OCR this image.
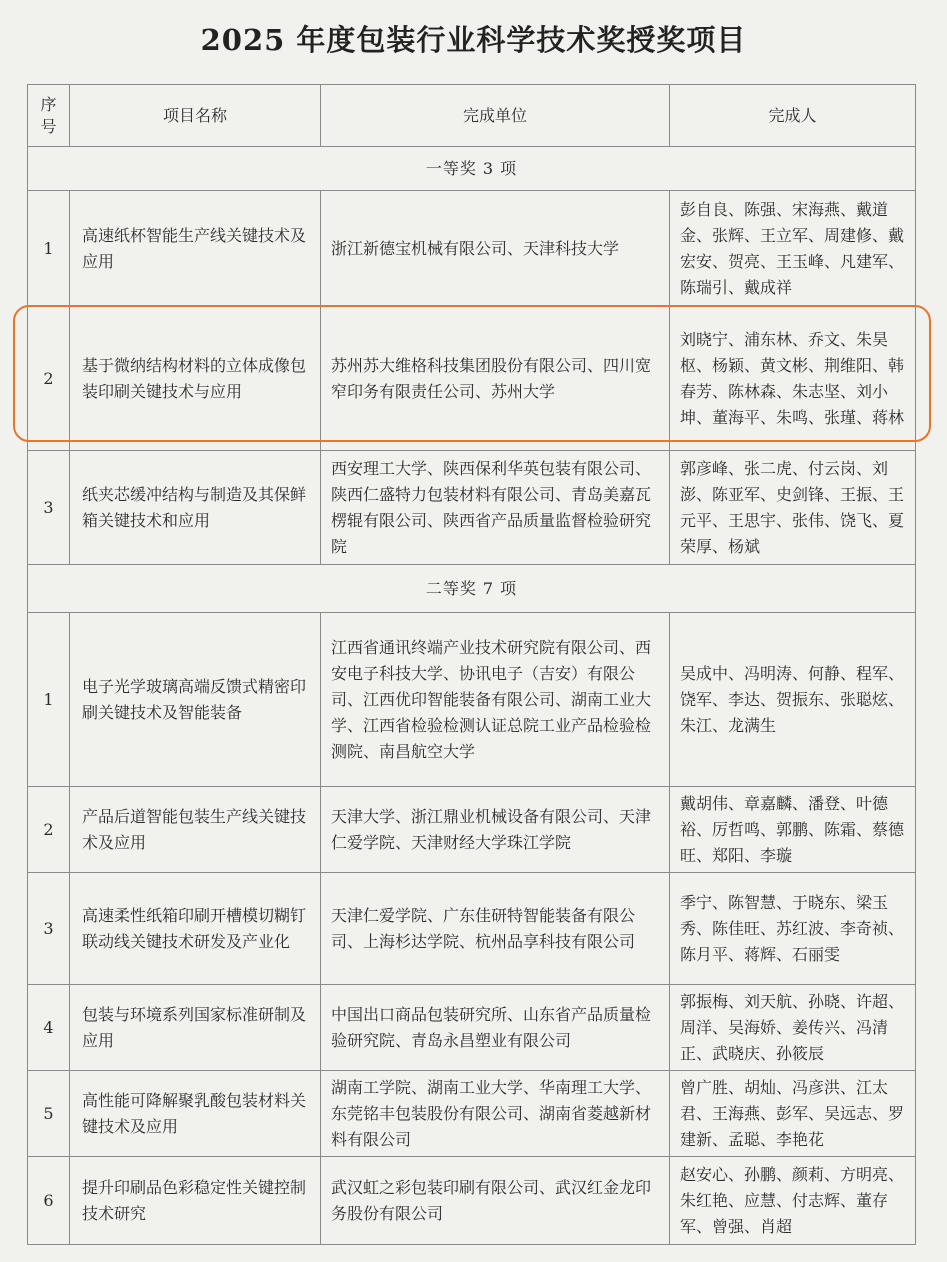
2025 年度包装行业科学技术奖授奖项目
序号	项目名称	完成单位	完成人
一等奖 3 项			
1	高速纸杯智能生产线关键技术及应用	浙江新德宝机械有限公司、天津科技大学	彭自良、陈强、宋海燕、戴道金、张辉、王立军、周建修、戴宏安、贺亮、王玉峰、凡建军、陈瑞引、戴成祥
2	基于微纳结构材料的立体成像包装印刷关键技术与应用	苏州苏大维格科技集团股份有限公司、四川宽窄印务有限责任公司、苏州大学	刘晓宁、浦东林、乔文、朱昊枢、杨颖、黄文彬、荆维阳、韩春芳、陈林森、朱志坚、刘小坤、董海平、朱鸣、张瑾、蒋林
3	纸夹芯缓冲结构与制造及其保鲜箱关键技术和应用	西安理工大学、陕西保利华英包装有限公司、陕西仁盛特力包装材料有限公司、青岛美嘉瓦楞辊有限公司、陕西省产品质量监督检验研究院	郭彦峰、张二虎、付云岗、刘澎、陈亚军、史剑锋、王振、王元平、王思宇、张伟、饶飞、夏荣厚、杨斌
二等奖 7 项			
1	电子光学玻璃高端反馈式精密印刷关键技术及智能装备	江西省通讯终端产业技术研究院有限公司、西安电子科技大学、协讯电子（吉安）有限公司、江西优印智能装备有限公司、湖南工业大学、江西省检验检测认证总院工业产品检验检测院、南昌航空大学	吴成中、冯明涛、何静、程军、饶军、李达、贺振东、张聪炫、朱江、龙满生
2	产品后道智能包装生产线关键技术及应用	天津大学、浙江鼎业机械设备有限公司、天津仁爱学院、天津财经大学珠江学院	戴胡伟、章嘉麟、潘登、叶德裕、厉哲鸣、郭鹏、陈霜、蔡德旺、郑阳、李璇
3	高速柔性纸箱印刷开槽模切糊钉联动线关键技术研发及产业化	天津仁爱学院、广东佳研特智能装备有限公司、上海杉达学院、杭州品享科技有限公司	季宁、陈智慧、于晓东、梁玉秀、陈佳旺、苏红波、李奇祯、陈月平、蒋辉、石丽雯
4	包装与环境系列国家标准研制及应用	中国出口商品包装研究所、山东省产品质量检验研究院、青岛永昌塑业有限公司	郭振梅、刘天航、孙晓、许超、周洋、吴海娇、姜传兴、冯清正、武晓庆、孙筱辰
5	高性能可降解聚乳酸包装材料关键技术及应用	湖南工学院、湖南工业大学、华南理工大学、东莞铭丰包装股份有限公司、湖南省菱越新材料有限公司	曾广胜、胡灿、冯彦洪、江太君、王海燕、彭军、吴远志、罗建新、孟聪、李艳花
6	提升印刷品色彩稳定性关键控制技术研究	武汉虹之彩包装印刷有限公司、武汉红金龙印务股份有限公司	赵安心、孙鹏、颜莉、方明亮、朱红艳、应慧、付志辉、董存军、曾强、肖超
